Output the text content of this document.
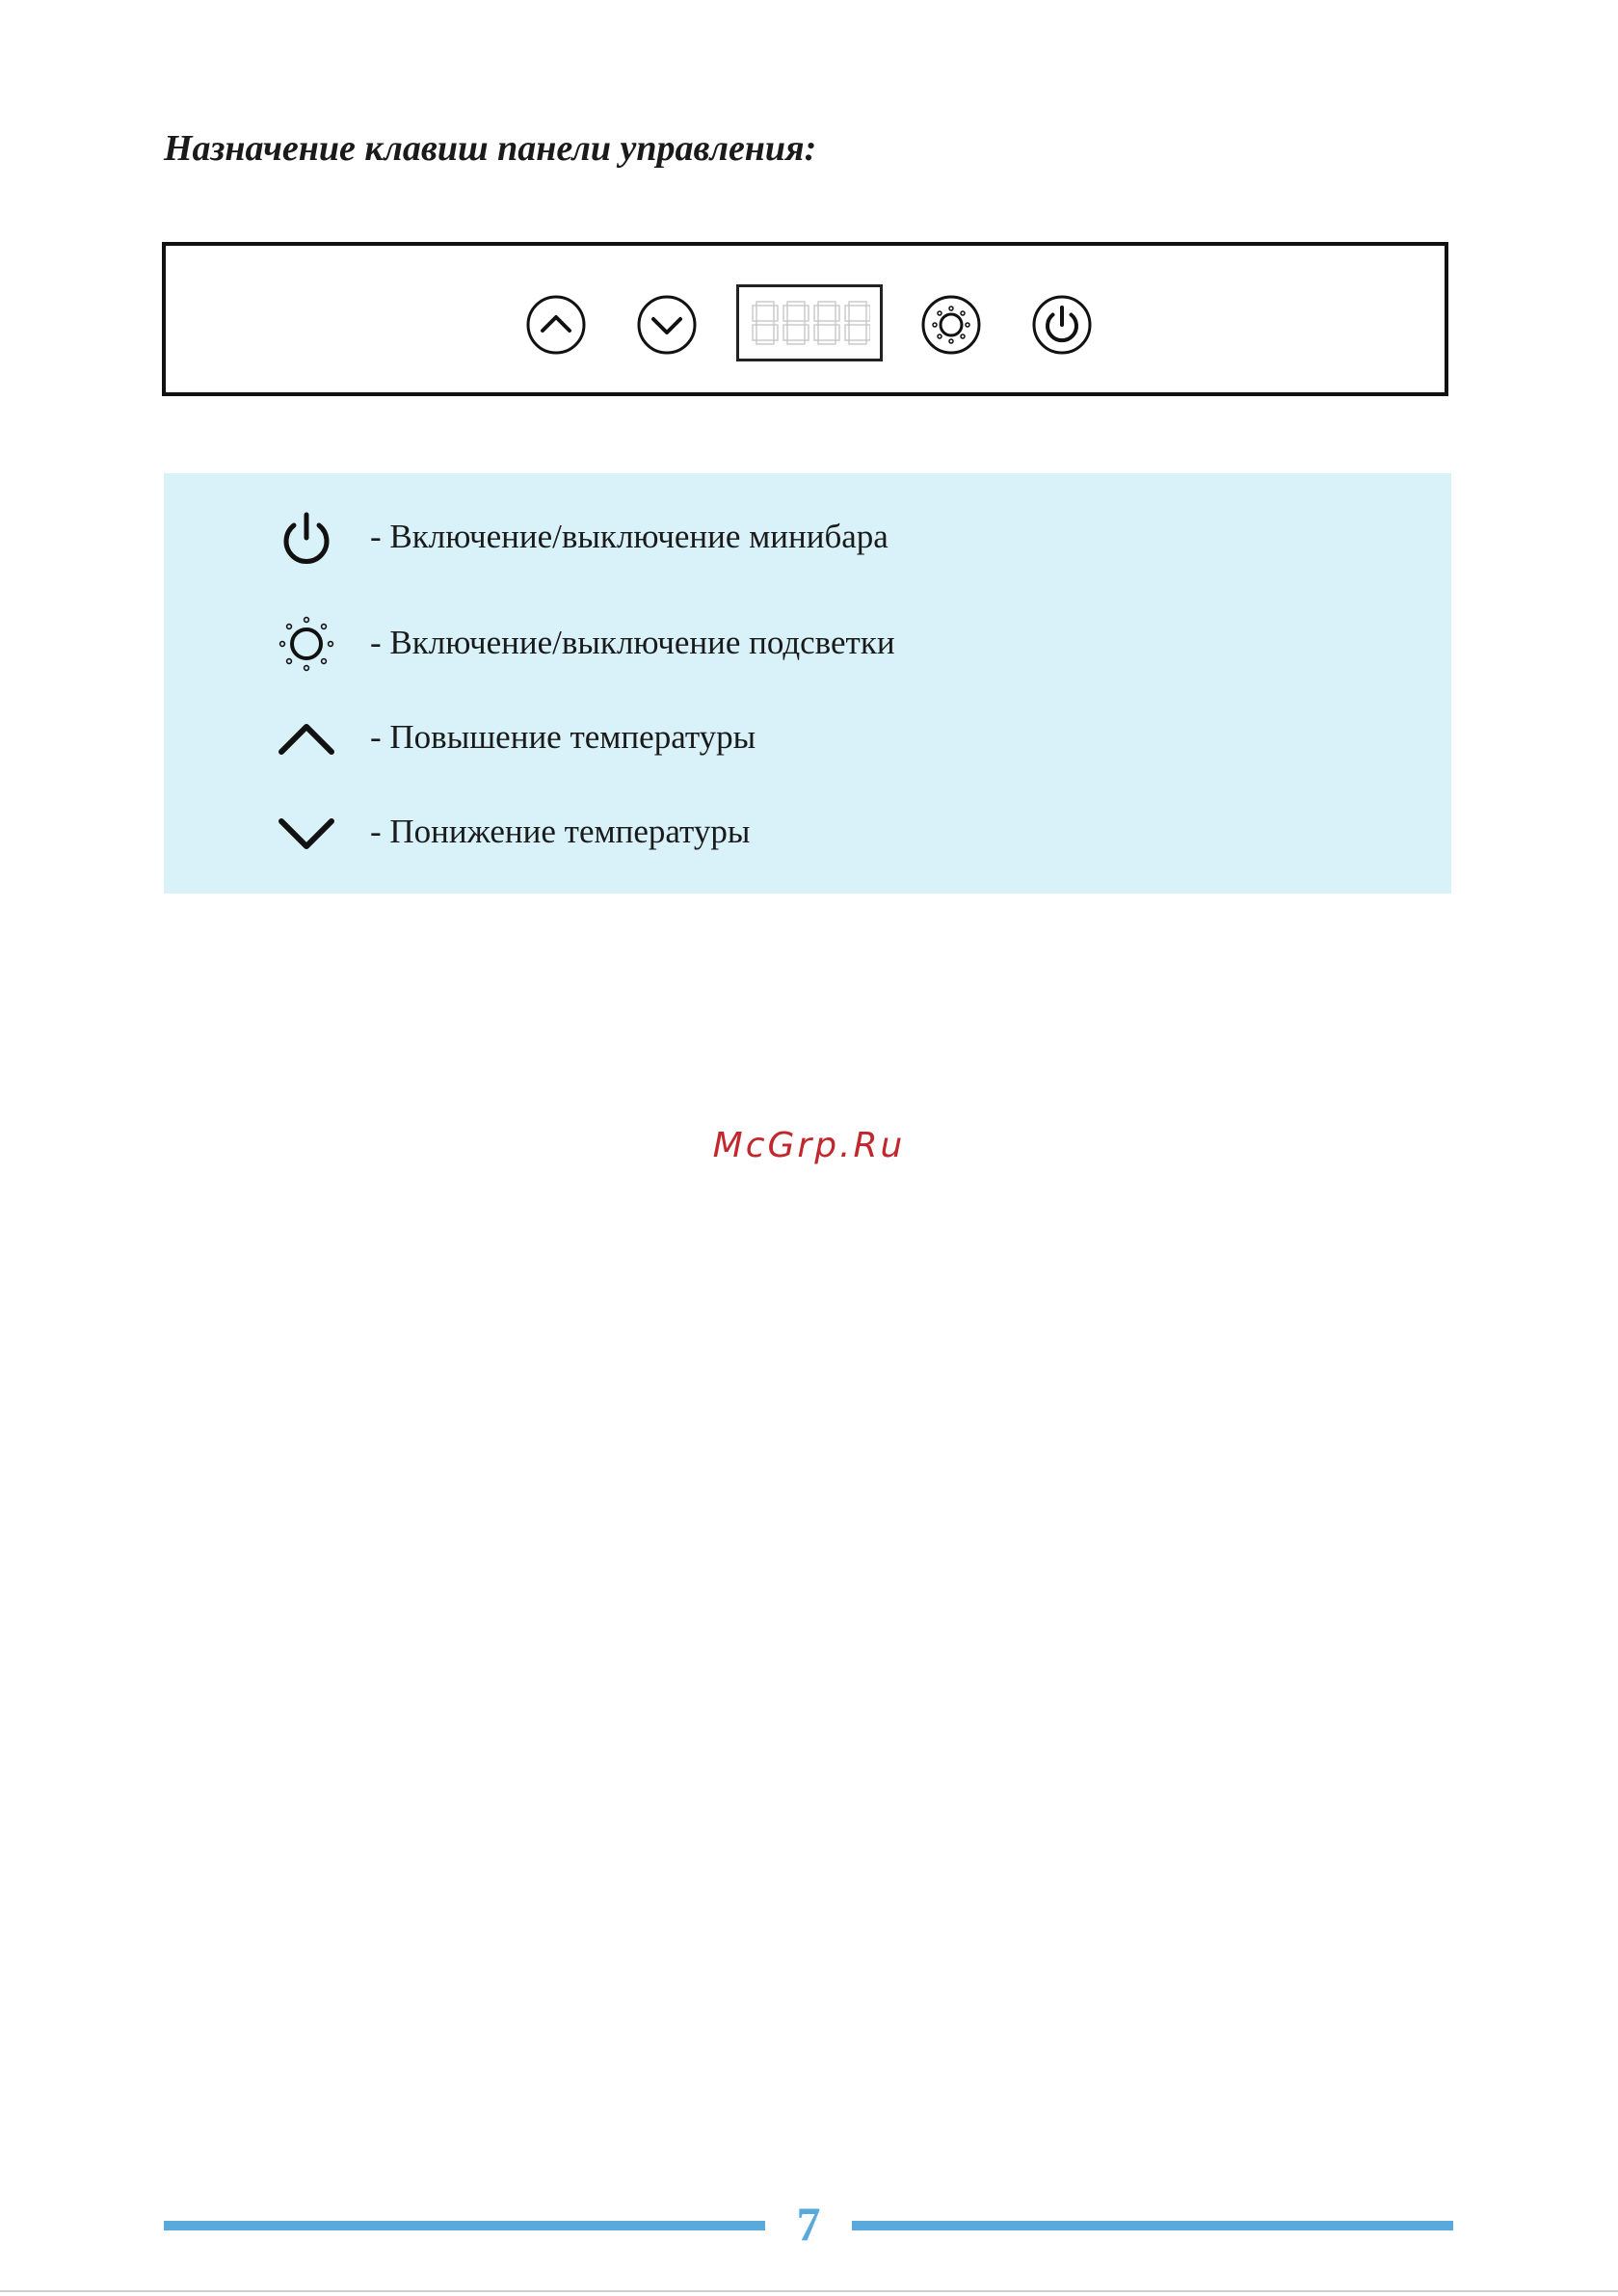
Назначение клавиш панели управления:
- Включение/выключение минибара
- Включение/выключение подсветки
- Повышение температуры
- Понижение температуры
McGrp.Ru
7
